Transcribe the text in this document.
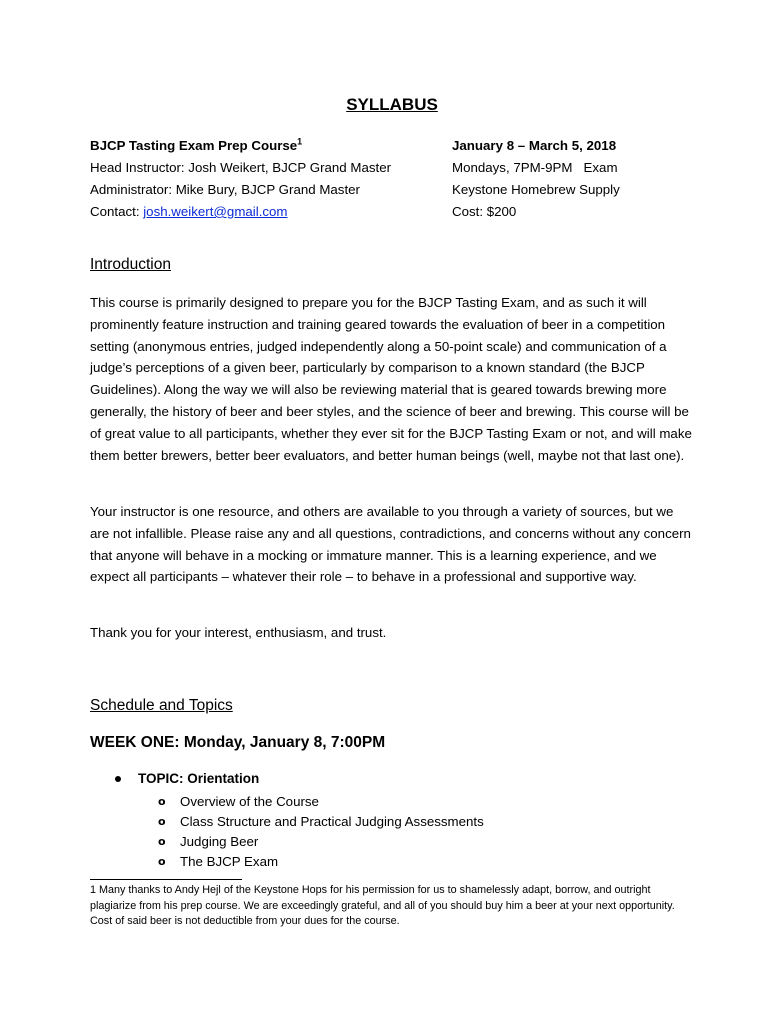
SYLLABUS
BJCP Tasting Exam Prep Course$^1$	January 8 – March 5, 2018
Head Instructor: Josh Weikert, BJCP Grand Master	Mondays, 7PM-9PM   Exam
Administrator: Mike Bury, BJCP Grand Master	Keystone Homebrew Supply
Contact: josh.weikert@gmail.com	Cost: $200
Introduction
This course is primarily designed to prepare you for the BJCP Tasting Exam, and as such it will prominently feature instruction and training geared towards the evaluation of beer in a competition setting (anonymous entries, judged independently along a 50-point scale) and communication of a judge’s perceptions of a given beer, particularly by comparison to a known standard (the BJCP Guidelines). Along the way we will also be reviewing material that is geared towards brewing more generally, the history of beer and beer styles, and the science of beer and brewing. This course will be of great value to all participants, whether they ever sit for the BJCP Tasting Exam or not, and will make them better brewers, better beer evaluators, and better human beings (well, maybe not that last one).
Your instructor is one resource, and others are available to you through a variety of sources, but we are not infallible. Please raise any and all questions, contradictions, and concerns without any concern that anyone will behave in a mocking or immature manner. This is a learning experience, and we expect all participants – whatever their role – to behave in a professional and supportive way.
Thank you for your interest, enthusiasm, and trust.
Schedule and Topics
WEEK ONE: Monday, January 8, 7:00PM
TOPIC: Orientation
o	Overview of the Course
o	Class Structure and Practical Judging Assessments
o	Judging Beer
o	The BJCP Exam
1 Many thanks to Andy Hejl of the Keystone Hops for his permission for us to shamelessly adapt, borrow, and outright plagiarize from his prep course. We are exceedingly grateful, and all of you should buy him a beer at your next opportunity. Cost of said beer is not deductible from your dues for the course.
